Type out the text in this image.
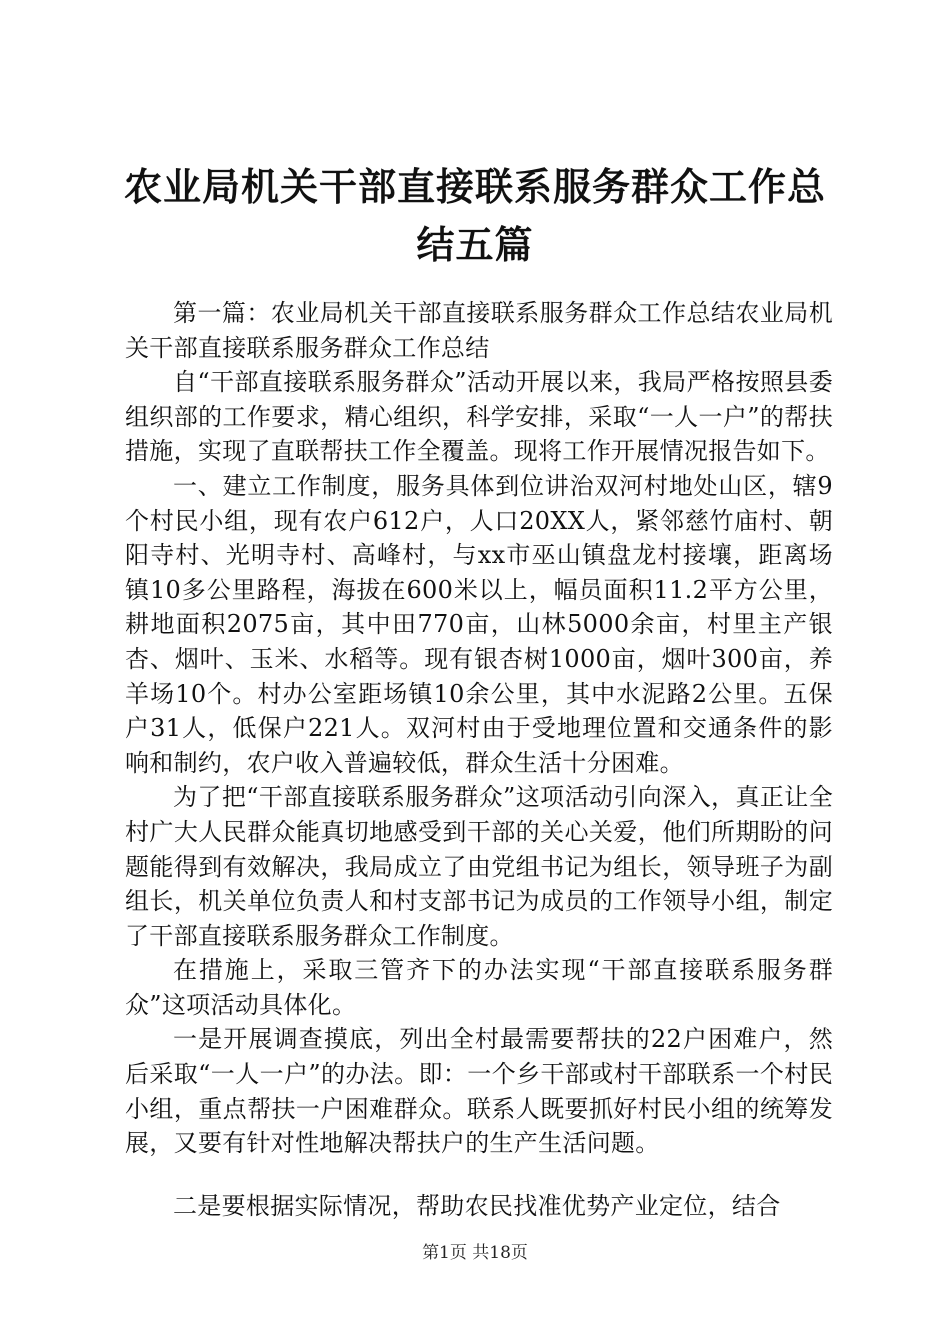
农业局机关干部直接联系服务群众工作总结五篇

第一篇：农业局机关干部直接联系服务群众工作总结农业局机关干部直接联系服务群众工作总结

自“干部直接联系服务群众”活动开展以来，我局严格按照县委组织部的工作要求，精心组织，科学安排，采取“一人一户”的帮扶措施，实现了直联帮扶工作全覆盖。现将工作开展情况报告如下。

一、建立工作制度，服务具体到位讲治双河村地处山区，辖9个村民小组，现有农户612户，人口20XX人，紧邻慈竹庙村、朝阳寺村、光明寺村、高峰村，与xx市巫山镇盘龙村接壤，距离场镇10多公里路程，海拔在600米以上，幅员面积11.2平方公里，耕地面积2075亩，其中田770亩，山林5000余亩，村里主产银杏、烟叶、玉米、水稻等。现有银杏树1000亩，烟叶300亩，养羊场10个。村办公室距场镇10余公里，其中水泥路2公里。五保户31人，低保户221人。双河村由于受地理位置和交通条件的影响和制约，农户收入普遍较低，群众生活十分困难。

为了把“干部直接联系服务群众”这项活动引向深入，真正让全村广大人民群众能真切地感受到干部的关心关爱，他们所期盼的问题能得到有效解决，我局成立了由党组书记为组长，领导班子为副组长，机关单位负责人和村支部书记为成员的工作领导小组，制定了干部直接联系服务群众工作制度。

在措施上，采取三管齐下的办法实现“干部直接联系服务群众”这项活动具体化。

一是开展调查摸底，列出全村最需要帮扶的22户困难户，然后采取“一人一户”的办法。即：一个乡干部或村干部联系一个村民小组，重点帮扶一户困难群众。联系人既要抓好村民小组的统筹发展，又要有针对性地解决帮扶户的生产生活问题。

二是要根据实际情况，帮助农民找准优势产业定位，结合

第1页 共18页
